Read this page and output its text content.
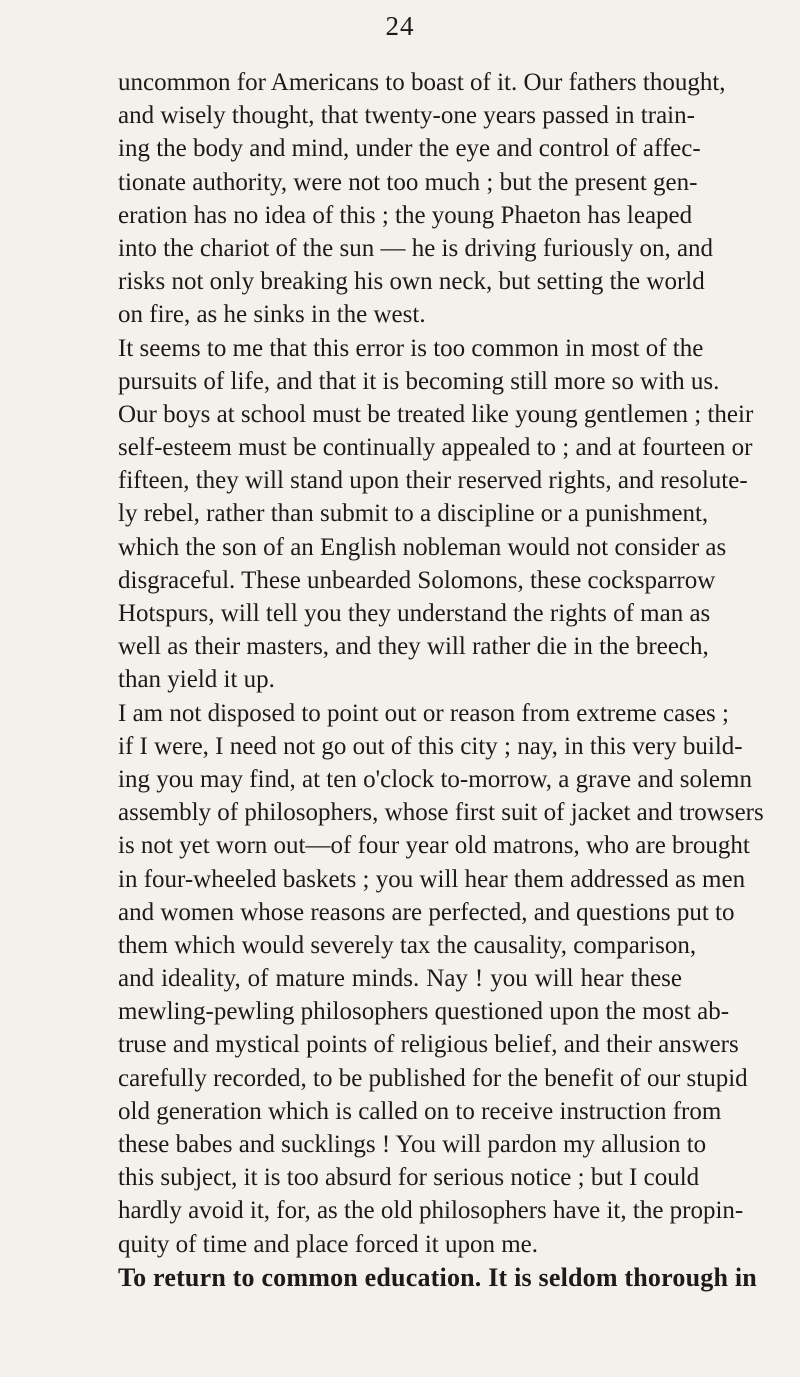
24
uncommon for Americans to boast of it. Our fathers thought,
and wisely thought, that twenty-one years passed in train-
ing the body and mind, under the eye and control of affec-
tionate authority, were not too much ; but the present gen-
eration has no idea of this ; the young Phaeton has leaped
into the chariot of the sun — he is driving furiously on, and
risks not only breaking his own neck, but setting the world
on fire, as he sinks in the west.
It seems to me that this error is too common in most of the
pursuits of life, and that it is becoming still more so with us.
Our boys at school must be treated like young gentlemen ; their
self-esteem must be continually appealed to ; and at fourteen or
fifteen, they will stand upon their reserved rights, and resolute-
ly rebel, rather than submit to a discipline or a punishment,
which the son of an English nobleman would not consider as
disgraceful. These unbearded Solomons, these cocksparrow
Hotspurs, will tell you they understand the rights of man as
well as their masters, and they will rather die in the breech,
than yield it up.
I am not disposed to point out or reason from extreme cases ;
if I were, I need not go out of this city ; nay, in this very build-
ing you may find, at ten o'clock to-morrow, a grave and solemn
assembly of philosophers, whose first suit of jacket and trowsers
is not yet worn out—of four year old matrons, who are brought
in four-wheeled baskets ; you will hear them addressed as men
and women whose reasons are perfected, and questions put to
them which would severely tax the causality, comparison,
and ideality, of mature minds. Nay ! you will hear these
mewling-pewling philosophers questioned upon the most ab-
truse and mystical points of religious belief, and their answers
carefully recorded, to be published for the benefit of our stupid
old generation which is called on to receive instruction from
these babes and sucklings ! You will pardon my allusion to
this subject, it is too absurd for serious notice ; but I could
hardly avoid it, for, as the old philosophers have it, the propin-
quity of time and place forced it upon me.
To return to common education. It is seldom thorough in
